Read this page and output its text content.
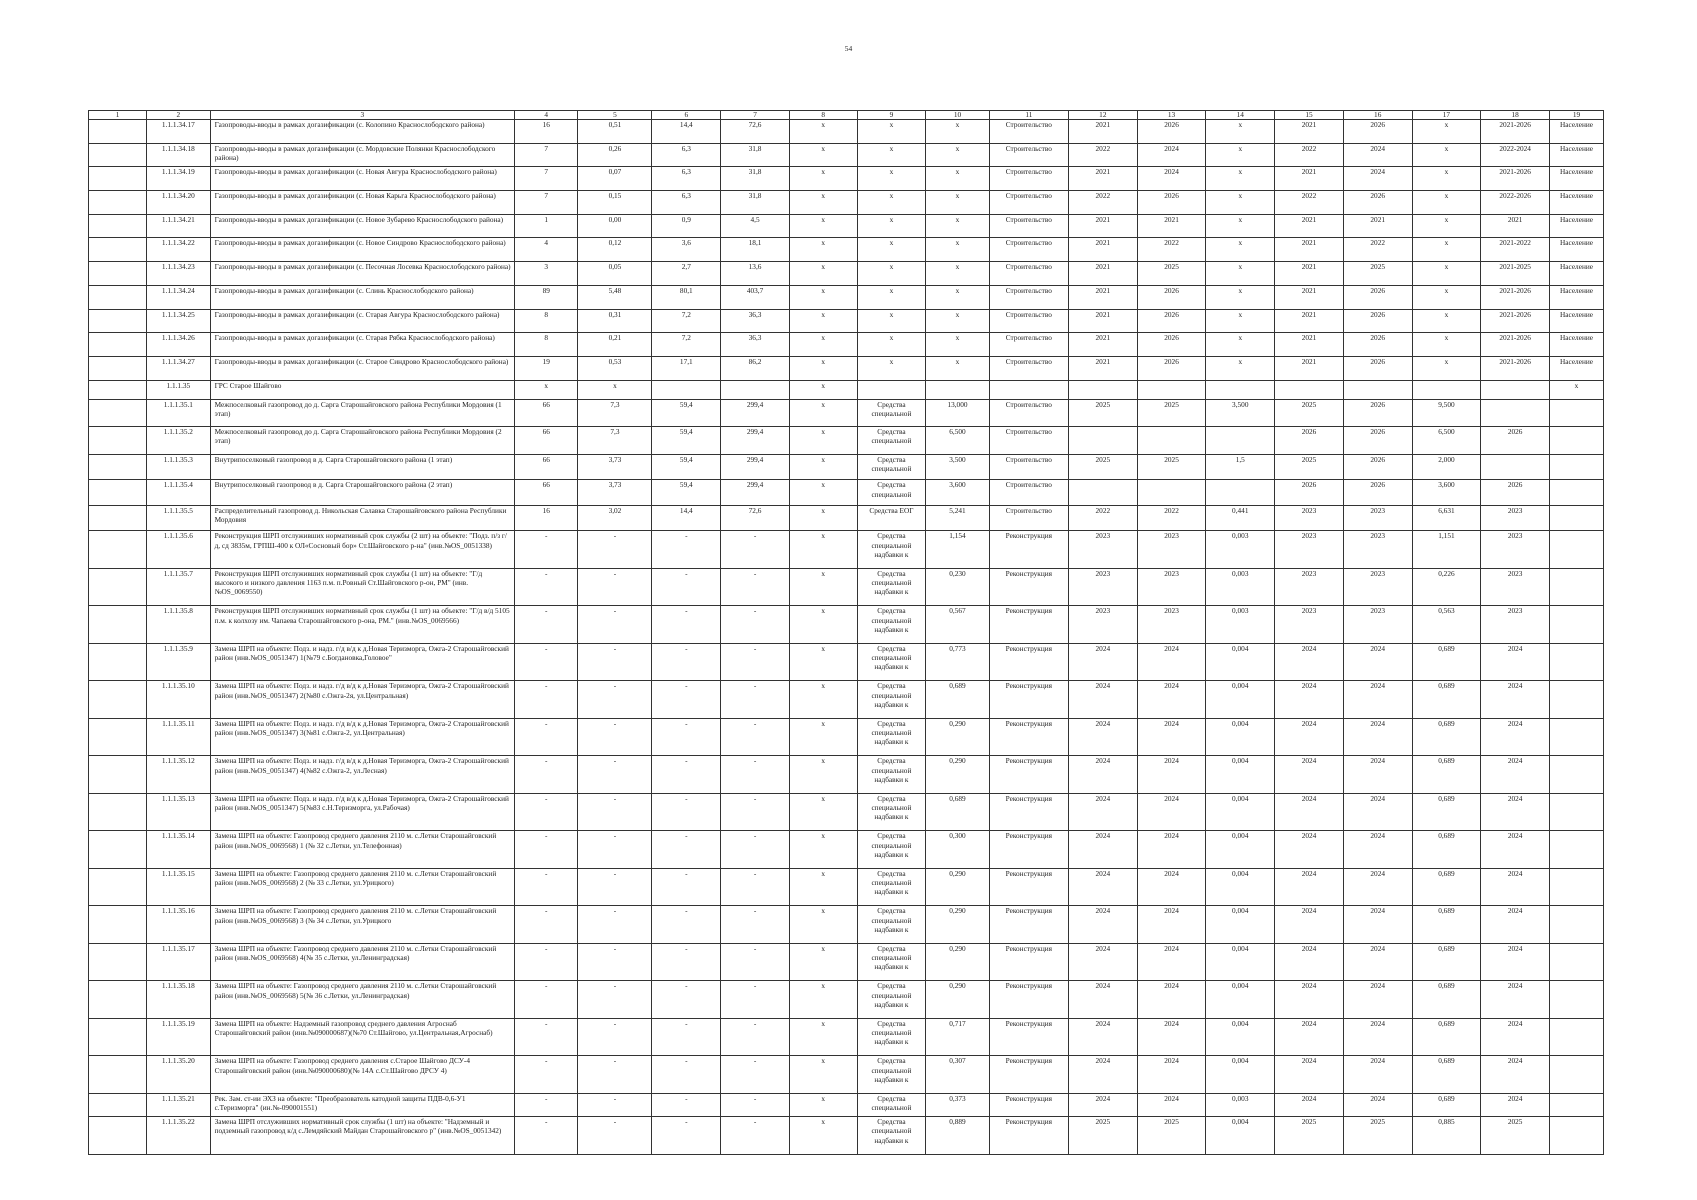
54
1	2	3	4	5	6	7	8	9	10	11	12	13	14	15	16	17	18	19
	1.1.1.34.17	Газопроводы-вводы в рамках догазификации (с. Колопино Краснослободского района)	16	0,51	14,4	72,6	х	х	х	Строительство	2021	2026	х	2021	2026	х	2021-2026	Население
	1.1.1.34.18	Газопроводы-вводы в рамках догазификации (с. Мордовские Полянки Краснослободского района)	7	0,26	6,3	31,8	х	х	х	Строительство	2022	2024	х	2022	2024	х	2022-2024	Население
	1.1.1.34.19	Газопроводы-вводы в рамках догазификации (с. Новая Авгура Краснослободского района)	7	0,07	6,3	31,8	х	х	х	Строительство	2021	2024	х	2021	2024	х	2021-2026	Население
	1.1.1.34.20	Газопроводы-вводы в рамках догазификации (с. Новая Карьга Краснослободского района)	7	0,15	6,3	31,8	х	х	х	Строительство	2022	2026	х	2022	2026	х	2022-2026	Население
	1.1.1.34.21	Газопроводы-вводы в рамках догазификации (с. Новое Зубарево Краснослободского района)	1	0,00	0,9	4,5	х	х	х	Строительство	2021	2021	х	2021	2021	х	2021	Население
	1.1.1.34.22	Газопроводы-вводы в рамках догазификации (с. Новое Синдрово Краснослободского района)	4	0,12	3,6	18,1	х	х	х	Строительство	2021	2022	х	2021	2022	х	2021-2022	Население
	1.1.1.34.23	Газопроводы-вводы в рамках догазификации (с. Песочная Лосевка Краснослободского района)	3	0,05	2,7	13,6	х	х	х	Строительство	2021	2025	х	2021	2025	х	2021-2025	Население
	1.1.1.34.24	Газопроводы-вводы в рамках догазификации (с. Слинь Краснослободского района)	89	5,48	80,1	403,7	х	х	х	Строительство	2021	2026	х	2021	2026	х	2021-2026	Население
	1.1.1.34.25	Газопроводы-вводы в рамках догазификации (с. Старая Авгура Краснослободского района)	8	0,31	7,2	36,3	х	х	х	Строительство	2021	2026	х	2021	2026	х	2021-2026	Население
	1.1.1.34.26	Газопроводы-вводы в рамках догазификации (с. Старая Рябка Краснослободского района)	8	0,21	7,2	36,3	х	х	х	Строительство	2021	2026	х	2021	2026	х	2021-2026	Население
	1.1.1.34.27	Газопроводы-вводы в рамках догазификации (с. Старое Синдрово Краснослободского района)	19	0,53	17,1	86,2	х	х	х	Строительство	2021	2026	х	2021	2026	х	2021-2026	Население
	1.1.1.35	ГРС Старое Шайгово	х	х			х											х
	1.1.1.35.1	Межпоселковый газопровод до д. Сарга Старошайговского района Республики Мордовия (1 этап)	66	7,3	59,4	299,4	х	Средства специальной	13,000	Строительство	2025	2025	3,500	2025	2026	9,500		
	1.1.1.35.2	Межпоселковый газопровод до д. Сарга Старошайговского района Республики Мордовия (2 этап)	66	7,3	59,4	299,4	х	Средства специальной	6,500	Строительство				2026	2026	6,500	2026	
	1.1.1.35.3	Внутрипоселковый газопровод в д. Сарга Старошайговского района (1 этап)	66	3,73	59,4	299,4	х	Средства специальной	3,500	Строительство	2025	2025	1,5	2025	2026	2,000		
	1.1.1.35.4	Внутрипоселковый газопровод в д. Сарга Старошайговского района (2 этап)	66	3,73	59,4	299,4	х	Средства специальной	3,600	Строительство				2026	2026	3,600	2026	
	1.1.1.35.5	Распределительный газопровод д. Никольская Салавка Старошайговского района Республики Мордовия	16	3,02	14,4	72,6	х	Средства ЕОГ	5,241	Строительство	2022	2022	0,441	2023	2023	6,631	2023	
	1.1.1.35.6	Реконструкция ШРП отслуживших нормативный срок службы (2 шт) на объекте: "Подз. п/з г/д, сд 3835м, ГРПШ-400 к ОЛ«Сосновый бор» Ст.Шайговского р-на" (инв.№OS_0051338)	-	-	-	-	х	Средства специальной надбавки к	1,154	Реконструкция	2023	2023	0,003	2023	2023	1,151	2023	
	1.1.1.35.7	Реконструкция ШРП отслуживших нормативный срок службы (1 шт) на объекте: "Г/д высокого и низкого давления 1163 п.м. п.Ровный Ст.Шайговского р-он, РМ" (инв.№OS_0069550)	-	-	-	-	х	Средства специальной надбавки к	0,230	Реконструкция	2023	2023	0,003	2023	2023	0,226	2023	
	1.1.1.35.8	Реконструкция ШРП отслуживших нормативный срок службы (1 шт) на объекте: "Г/д в/д 5105 п.м. к колхозу им. Чапаева Старошайговского р-она, РМ." (инв.№OS_0069566)	-	-	-	-	х	Средства специальной надбавки к	0,567	Реконструкция	2023	2023	0,003	2023	2023	0,563	2023	
	1.1.1.35.9	Замена ШРП на объекте: Подз. и надз. г/д в/д к д.Новая Теризморга, Ожга-2 Старошайговский район (инв.№OS_0051347) 1(№79 с.Богдановка,Головое"	-	-	-	-	х	Средства специальной надбавки к	0,773	Реконструкция	2024	2024	0,004	2024	2024	0,689	2024	
	1.1.1.35.10	Замена ШРП на объекте: Подз. и надз. г/д в/д к д.Новая Теризморга, Ожга-2 Старошайговский район (инв.№OS_0051347) 2(№80 с.Ожга-2я, ул.Центральная)	-	-	-	-	х	Средства специальной надбавки к	0,689	Реконструкция	2024	2024	0,004	2024	2024	0,689	2024	
	1.1.1.35.11	Замена ШРП на объекте: Подз. и надз. г/д в/д к д.Новая Теризморга, Ожга-2 Старошайговский район (инв.№OS_0051347) 3(№81 с.Ожга-2, ул.Центральная)	-	-	-	-	х	Средства специальной надбавки к	0,290	Реконструкция	2024	2024	0,004	2024	2024	0,689	2024	
	1.1.1.35.12	Замена ШРП на объекте: Подз. и надз. г/д в/д к д.Новая Теризморга, Ожга-2 Старошайговский район (инв.№OS_0051347) 4(№82 с.Ожга-2, ул.Лесная)	-	-	-	-	х	Средства специальной надбавки к	0,290	Реконструкция	2024	2024	0,004	2024	2024	0,689	2024	
	1.1.1.35.13	Замена ШРП на объекте: Подз. и надз. г/д в/д к д.Новая Теризморга, Ожга-2 Старошайговский район (инв.№OS_0051347) 5(№83 с.Н.Теризморга, ул.Рабочая)	-	-	-	-	х	Средства специальной надбавки к	0,689	Реконструкция	2024	2024	0,004	2024	2024	0,689	2024	
	1.1.1.35.14	Замена ШРП на объекте: Газопровод среднего давления 2110 м. с.Летки Старошайговский район (инв.№OS_0069568) 1 (№ 32 с.Летки, ул.Телефонная)	-	-	-	-	х	Средства специальной надбавки к	0,300	Реконструкция	2024	2024	0,004	2024	2024	0,689	2024	
	1.1.1.35.15	Замена ШРП на объекте: Газопровод среднего давления 2110 м. с.Летки Старошайговский район (инв.№OS_0069568) 2 (№ 33 с.Летки, ул.Урицкого)	-	-	-	-	х	Средства специальной надбавки к	0,290	Реконструкция	2024	2024	0,004	2024	2024	0,689	2024	
	1.1.1.35.16	Замена ШРП на объекте: Газопровод среднего давления 2110 м. с.Летки Старошайговский район (инв.№OS_0069568) 3 (№ 34 с.Летки, ул.Урицкого	-	-	-	-	х	Средства специальной надбавки к	0,290	Реконструкция	2024	2024	0,004	2024	2024	0,689	2024	
	1.1.1.35.17	Замена ШРП на объекте: Газопровод среднего давления 2110 м. с.Летки Старошайговский район (инв.№OS_0069568) 4(№ 35 с.Летки, ул.Ленинградская)	-	-	-	-	х	Средства специальной надбавки к	0,290	Реконструкция	2024	2024	0,004	2024	2024	0,689	2024	
	1.1.1.35.18	Замена ШРП на объекте: Газопровод среднего давления 2110 м. с.Летки Старошайговский район (инв.№OS_0069568) 5(№ 36 с.Летки, ул.Ленинградская)	-	-	-	-	х	Средства специальной надбавки к	0,290	Реконструкция	2024	2024	0,004	2024	2024	0,689	2024	
	1.1.1.35.19	Замена ШРП на объекте: Надземный газопровод среднего давления Агроснаб Старошайговский район (инв.№090000687)(№70 Ст.Шайгово, ул.Центральная,Агроснаб)	-	-	-	-	х	Средства специальной надбавки к	0,717	Реконструкция	2024	2024	0,004	2024	2024	0,689	2024	
	1.1.1.35.20	Замена ШРП на объекте: Газопровод среднего давления с.Старое Шайгово ДСУ-4 Старошайговский район (инв.№090000680)(№ 14А с.Ст.Шайгово ДРСУ 4)	-	-	-	-	х	Средства специальной надбавки к	0,307	Реконструкция	2024	2024	0,004	2024	2024	0,689	2024	
	1.1.1.35.21	Рек. Зам. ст-ии ЭХЗ на объекте: "Преобразователь катодной защиты ПДВ-0,6-У1 с.Теризморга" (ин.№-090001551)	-	-	-	-	х	Средства специальной	0,373	Реконструкция	2024	2024	0,003	2024	2024	0,689	2024	
	1.1.1.35.22	Замена ШРП отслуживших нормативный срок службы (1 шт) на объекте: "Надземный и подземный газопровод к/д с.Лемдяйский Майдан Старошайговского р" (инв.№OS_0051342)	-	-	-	-	х	Средства специальной надбавки к	0,889	Реконструкция	2025	2025	0,004	2025	2025	0,885	2025	
